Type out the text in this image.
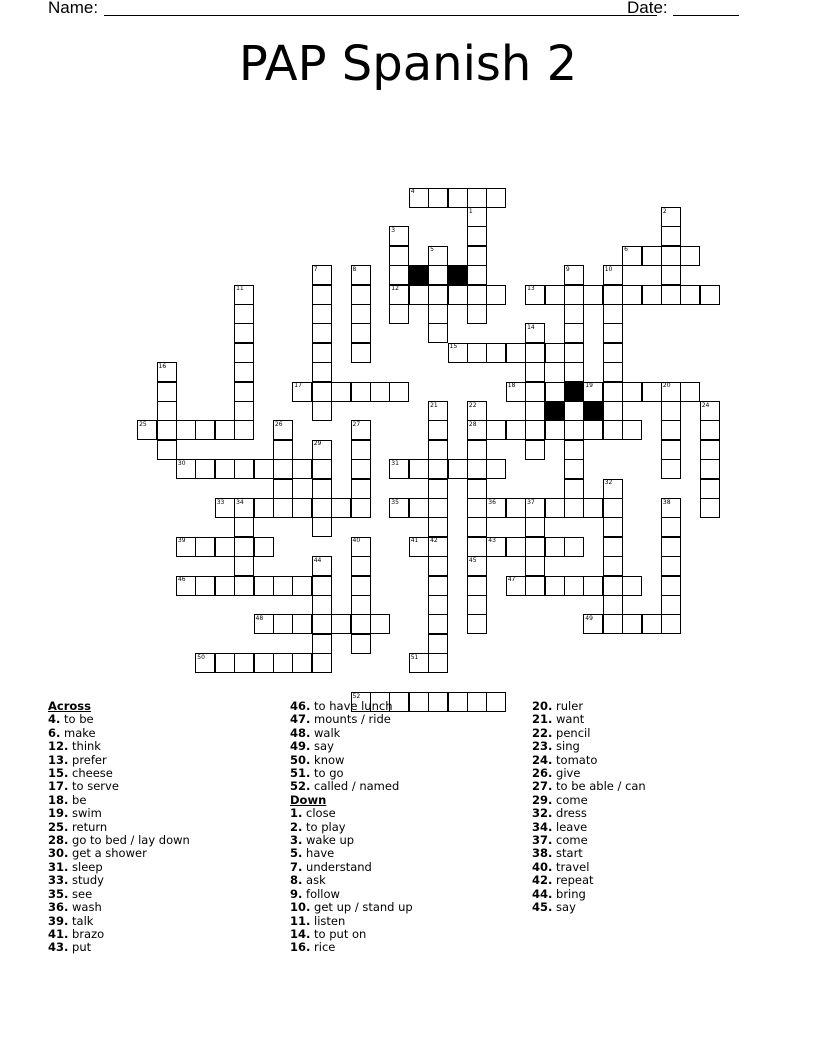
Name:	Date:
PAP Spanish 2
4
6
12	13
15
17	18	19
25	28
30	31
33	35	36
39	41	43
46	47
48	49
50	51
52
1	2
3
5
7	8	9	10
11
14
16
20
21	22	24
26	27
29
32
34	37	38
40	42
44	45
Across
4. to be
6. make
12. think
13. prefer
15. cheese
17. to serve
18. be
19. swim
25. return
28. go to bed / lay down
30. get a shower
31. sleep
33. study
35. see
36. wash
39. talk
41. brazo
43. put
46. to have lunch
47. mounts / ride
48. walk
49. say
50. know
51. to go
52. called / named
Down
1. close
2. to play
3. wake up
5. have
7. understand
8. ask
9. follow
10. get up / stand up
11. listen
14. to put on
16. rice
20. ruler
21. want
22. pencil
23. sing
24. tomato
26. give
27. to be able / can
29. come
32. dress
34. leave
37. come
38. start
40. travel
42. repeat
44. bring
45. say
